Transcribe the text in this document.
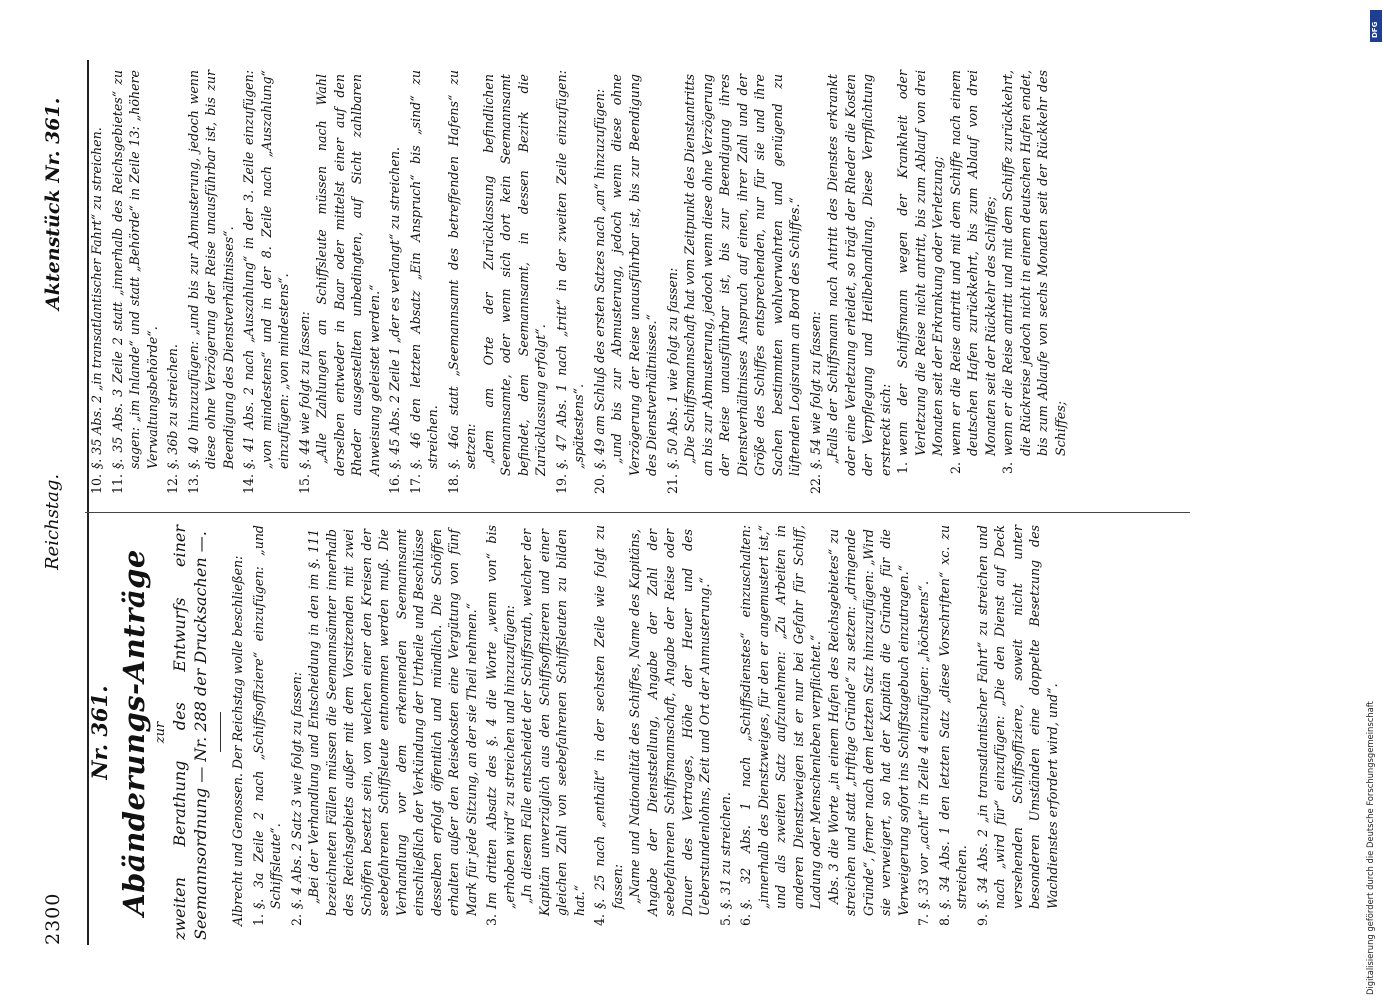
2300
Reichstag.
Aktenstück Nr. 361.
Nr. 361. Abänderungs-Anträge zur zweiten Berathung des Entwurfs einer Seemannsordnung — Nr. 288 der Drucksachen —. Albrecht und Genossen. Der Reichstag wolle beschließen: 1.
§. 3a Zeile 2 nach „Schiffsoffiziere“ einzufügen: „und Schiffsleute“.
2.
§. 4 Abs. 2 Satz 3 wie folgt zu fassen: „Bei der Verhandlung und Entscheidung in den im §. 111 bezeichneten Fällen müssen die Seemannsämter innerhalb des Reichsgebiets außer mit dem Vorsitzenden mit zwei Schöffen besetzt sein, von welchen einer den Kreisen der seebefahrenen Schiffsleute entnommen werden muß. Die Verhandlung vor dem erkennenden Seemannsamt einschließlich der Verkündung der Urtheile und Beschlüsse desselben erfolgt öffentlich und mündlich. Die Schöffen erhalten außer den Reisekosten eine Vergütung von fünf Mark für jede Sitzung, an der sie Theil nehmen.“
3.
Im dritten Absatz des §. 4 die Worte „wenn von“ bis „erhoben wird“ zu streichen und hinzuzufügen: „In diesem Falle entscheidet der Schiffsrath, welcher der Kapitän unverzüglich aus den Schiffsoffizieren und einer gleichen Zahl von seebefahrenen Schiffsleuten zu bilden hat.“
4.
§. 25 nach „enthält“ in der sechsten Zeile wie folgt zu fassen: „Name und Nationalität des Schiffes, Name des Kapitäns, Angabe der Dienststellung, Angabe der Zahl der seebefahrenen Schiffsmannschaft, Angabe der Reise oder Dauer des Vertrages, Höhe der Heuer und des Ueberstundenlohns, Zeit und Ort der Anmusterung.“
5.
§. 31 zu streichen.
6.
§. 32 Abs. 1 nach „Schiffsdienstes“ einzuschalten: „innerhalb des Dienstzweiges, für den er angemustert ist,“ und als zweiten Satz aufzunehmen: „Zu Arbeiten in anderen Dienstzweigen ist er nur bei Gefahr für Schiff, Ladung oder Menschenleben verpflichtet.“ Abs. 3 die Worte „in einem Hafen des Reichsgebietes“ zu streichen und statt „triftige Gründe“ zu setzen: „dringende Gründe“, ferner nach dem letzten Satz hinzuzufügen: „Wird sie verweigert, so hat der Kapitän die Gründe für die Verweigerung sofort ins Schiffstagebuch einzutragen.“
7.
§. 33 vor „acht“ in Zeile 4 einzufügen: „höchstens“.
8.
§. 34 Abs. 1 den letzten Satz „diese Vorschriften“ xc. zu streichen.
9.
§. 34 Abs. 2 „in transatlantischer Fahrt“ zu streichen und nach „wird für“ einzufügen: „Die den Dienst auf Deck versehenden Schiffsoffiziere, soweit nicht unter besonderen Umständen eine doppelte Besetzung des Wachdienstes erfordert wird, und“.
10.
§. 35 Abs. 2 „in transatlantischer Fahrt“ zu streichen.
11.
§. 35 Abs. 3 Zeile 2 statt „innerhalb des Reichsgebietes“ zu sagen: „im Inlande“ und statt „Behörde“ in Zeile 13: „höhere Verwaltungsbehörde“.
12.
§. 36b zu streichen.
13.
§. 40 hinzuzufügen: „und bis zur Abmusterung, jedoch wenn diese ohne Verzögerung der Reise unausführbar ist, bis zur Beendigung des Dienstverhältnisses“.
14.
§. 41 Abs. 2 nach „Auszahlung“ in der 3. Zeile einzufügen: „von mindestens“ und in der 8. Zeile nach „Auszahlung“ einzufügen: „von mindestens“.
15.
§. 44 wie folgt zu fassen: „Alle Zahlungen an Schiffsleute müssen nach Wahl derselben entweder in Baar oder mittelst einer auf den Rheder ausgestellten unbedingten, auf Sicht zahlbaren Anweisung geleistet werden.“
16.
§. 45 Abs. 2 Zeile 1 „der es verlangt“ zu streichen.
17.
§. 46 den letzten Absatz „Ein Anspruch“ bis „sind“ zu streichen.
18.
§. 46a statt „Seemannsamt des betreffenden Hafens“ zu setzen: „dem am Orte der Zurücklassung befindlichen Seemannsamte, oder wenn sich dort kein Seemannsamt befindet, dem Seemannsamt, in dessen Bezirk die Zurücklassung erfolgt“.
19.
§. 47 Abs. 1 nach „tritt“ in der zweiten Zeile einzufügen: „spätestens“.
20.
§. 49 am Schluß des ersten Satzes nach „an“ hinzuzufügen: „und bis zur Abmusterung, jedoch wenn diese ohne Verzögerung der Reise unausführbar ist, bis zur Beendigung des Dienstverhältnisses.“
21.
§. 50 Abs. 1 wie folgt zu fassen: „Die Schiffsmannschaft hat vom Zeitpunkt des Dienstantritts an bis zur Abmusterung, jedoch wenn diese ohne Verzögerung der Reise unausführbar ist, bis zur Beendigung ihres Dienstverhältnisses Anspruch auf einen, ihrer Zahl und der Größe des Schiffes entsprechenden, nur für sie und ihre Sachen bestimmten wohlverwahrten und genügend zu lüftenden Logisraum an Bord des Schiffes.“
22.
§. 54 wie folgt zu fassen: „Falls der Schiffsmann nach Antritt des Dienstes erkrankt oder eine Verletzung erleidet, so trägt der Rheder die Kosten der Verpflegung und Heilbehandlung. Diese Verpflichtung erstreckt sich: 1.
wenn der Schiffsmann wegen der Krankheit oder Verletzung die Reise nicht antritt, bis zum Ablauf von drei Monaten seit der Erkrankung oder Verletzung;
2.
wenn er die Reise antritt und mit dem Schiffe nach einem deutschen Hafen zurückkehrt, bis zum Ablauf von drei Monaten seit der Rückkehr des Schiffes;
3.
wenn er die Reise antritt und mit dem Schiffe zurückkehrt, die Rückreise jedoch nicht in einem deutschen Hafen endet, bis zum Ablaufe von sechs Monaten seit der Rückkehr des Schiffes;
Digitalisierung gefördert durch die Deutsche Forschungsgemeinschaft
DFG
